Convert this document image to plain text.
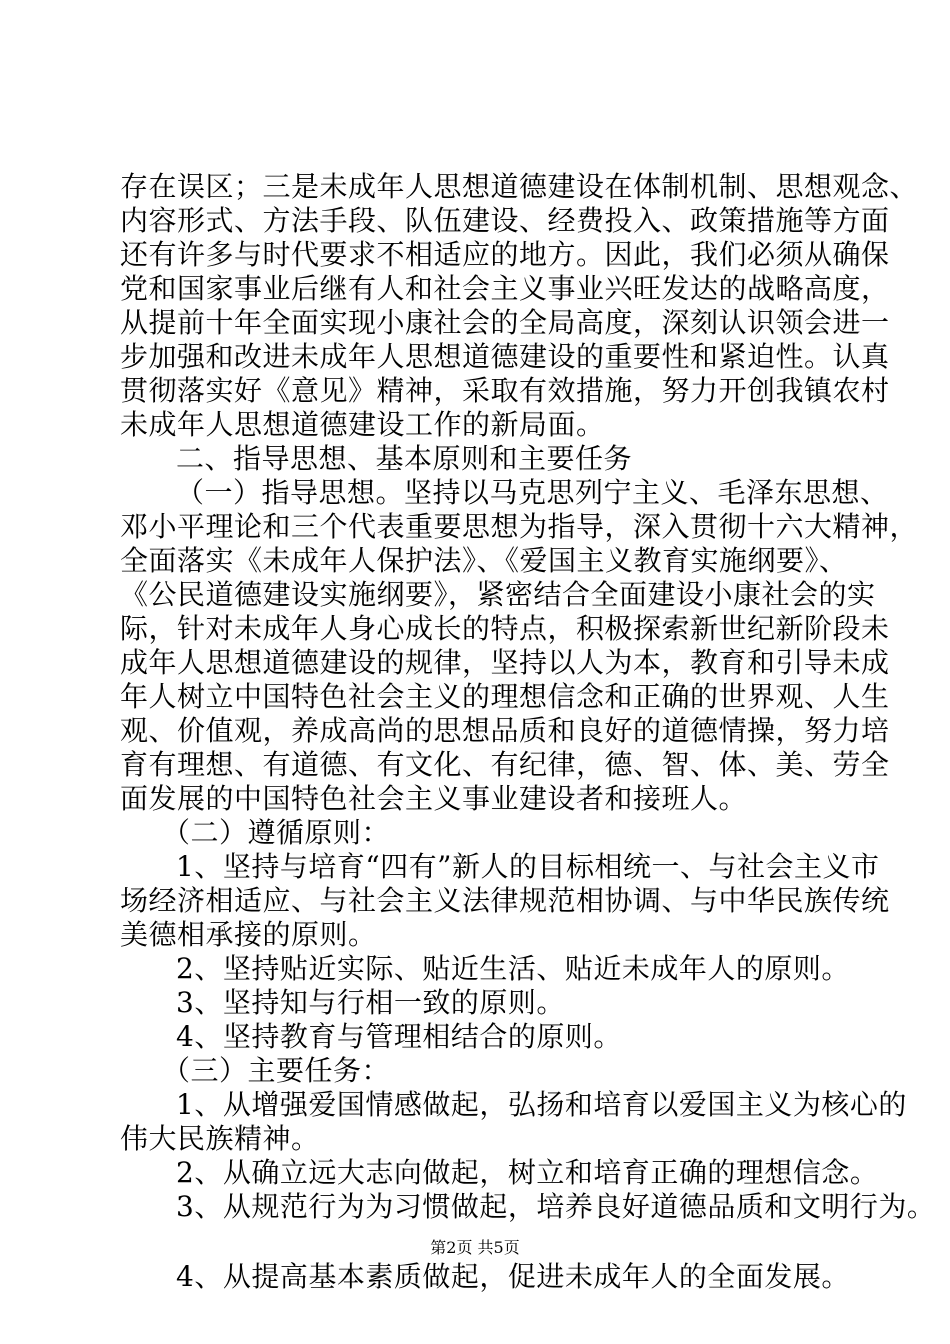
存在误区；三是未成年人思想道德建设在体制机制、思想观念、
内容形式、方法手段、队伍建设、经费投入、政策措施等方面
还有许多与时代要求不相适应的地方。因此，我们必须从确保
党和国家事业后继有人和社会主义事业兴旺发达的战略高度，
从提前十年全面实现小康社会的全局高度，深刻认识领会进一
步加强和改进未成年人思想道德建设的重要性和紧迫性。认真
贯彻落实好《意见》精神，采取有效措施，努力开创我镇农村
未成年人思想道德建设工作的新局面。
二、指导思想、基本原则和主要任务
（一）指导思想。坚持以马克思列宁主义、毛泽东思想、
邓小平理论和三个代表重要思想为指导，深入贯彻十六大精神，
全面落实《未成年人保护法》、《爱国主义教育实施纲要》、
《公民道德建设实施纲要》，紧密结合全面建设小康社会的实
际，针对未成年人身心成长的特点，积极探索新世纪新阶段未
成年人思想道德建设的规律，坚持以人为本，教育和引导未成
年人树立中国特色社会主义的理想信念和正确的世界观、人生
观、价值观，养成高尚的思想品质和良好的道德情操，努力培
育有理想、有道德、有文化、有纪律，德、智、体、美、劳全
面发展的中国特色社会主义事业建设者和接班人。
（二）遵循原则：
1、坚持与培育“四有”新人的目标相统一、与社会主义市
场经济相适应、与社会主义法律规范相协调、与中华民族传统
美德相承接的原则。
2、坚持贴近实际、贴近生活、贴近未成年人的原则。
3、坚持知与行相一致的原则。
4、坚持教育与管理相结合的原则。
（三）主要任务：
1、从增强爱国情感做起，弘扬和培育以爱国主义为核心的
伟大民族精神。
2、从确立远大志向做起，树立和培育正确的理想信念。
3、从规范行为为习惯做起，培养良好道德品质和文明行为。
4、从提高基本素质做起，促进未成年人的全面发展。
第2页 共5页
